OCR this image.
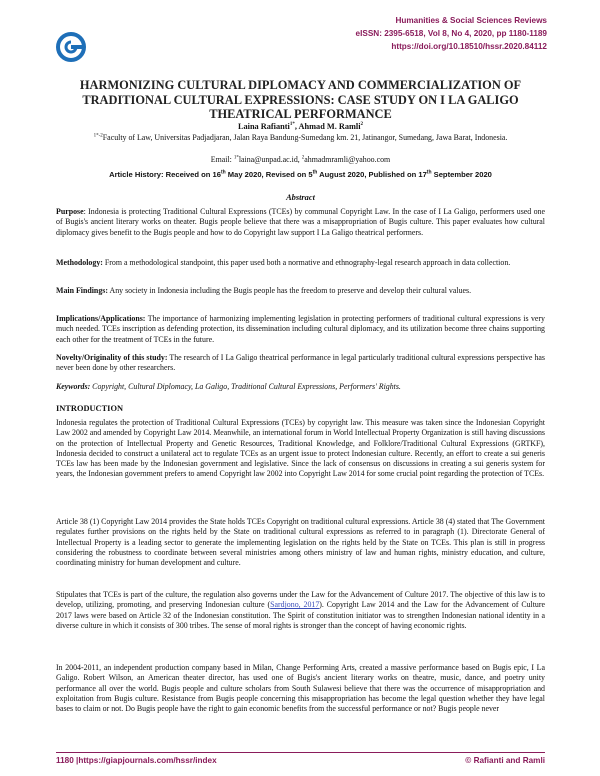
Humanities & Social Sciences Reviews
eISSN: 2395-6518, Vol 8, No 4, 2020, pp 1180-1189
https://doi.org/10.18510/hssr.2020.84112
HARMONIZING CULTURAL DIPLOMACY AND COMMERCIALIZATION OF TRADITIONAL CULTURAL EXPRESSIONS: CASE STUDY ON I LA GALIGO THEATRICAL PERFORMANCE
Laina Rafianti$^{1*}$, Ahmad M. Ramli$^2$
$^{1*-2}$Faculty of Law, Universitas Padjadjaran, Jalan Raya Bandung-Sumedang km. 21, Jatinangor, Sumedang, Jawa Barat, Indonesia.
Email: $^{1*}$laina@unpad.ac.id, $^2$ahmadmramli@yahoo.com
Article History: Received on 16th May 2020, Revised on 5th August 2020, Published on 17th September 2020
Abstract
Purpose: Indonesia is protecting Traditional Cultural Expressions (TCEs) by communal Copyright Law. In the case of I La Galigo, performers used one of Bugis's ancient literary works on theater. Bugis people believe that there was a misappropriation of Bugis culture. This paper evaluates how cultural diplomacy gives benefit to the Bugis people and how to do Copyright law support I La Galigo theatrical performers.
Methodology: From a methodological standpoint, this paper used both a normative and ethnography-legal research approach in data collection.
Main Findings: Any society in Indonesia including the Bugis people has the freedom to preserve and develop their cultural values.
Implications/Applications: The importance of harmonizing implementing legislation in protecting performers of traditional cultural expressions is very much needed. TCEs inscription as defending protection, its dissemination including cultural diplomacy, and its utilization become three chains supporting each other for the treatment of TCEs in the future.
Novelty/Originality of this study: The research of I La Galigo theatrical performance in legal particularly traditional cultural expressions perspective has never been done by other researchers.
Keywords: Copyright, Cultural Diplomacy, La Galigo, Traditional Cultural Expressions, Performers' Rights.
INTRODUCTION
Indonesia regulates the protection of Traditional Cultural Expressions (TCEs) by copyright law. This measure was taken since the Indonesian Copyright Law 2002 and amended by Copyright Law 2014. Meanwhile, an international forum in World Intellectual Property Organization is still having discussions on the protection of Intellectual Property and Genetic Resources, Traditional Knowledge, and Folklore/Traditional Cultural Expressions (GRTKF), Indonesia decided to construct a unilateral act to regulate TCEs as an urgent issue to protect Indonesian culture. Recently, an effort to create a sui generis TCEs law has been made by the Indonesian government and legislative. Since the lack of consensus on discussions in creating a sui generis system for years, the Indonesian government prefers to amend Copyright law 2002 into Copyright Law 2014 for some crucial point regarding the protection of TCEs.
Article 38 (1) Copyright Law 2014 provides the State holds TCEs Copyright on traditional cultural expressions. Article 38 (4) stated that The Government regulates further provisions on the rights held by the State on traditional cultural expressions as referred to in paragraph (1). Directorate General of Intellectual Property is a leading sector to generate the implementing legislation on the rights held by the State on TCEs. This plan is still in progress considering the robustness to coordinate between several ministries among others ministry of law and human rights, ministry education, and culture, coordinating ministry for human development and culture.
Stipulates that TCEs is part of the culture, the regulation also governs under the Law for the Advancement of Culture 2017. The objective of this law is to develop, utilizing, promoting, and preserving Indonesian culture (Sardjono, 2017). Copyright Law 2014 and the Law for the Advancement of Culture 2017 laws were based on Article 32 of the Indonesian constitution. The Spirit of constitution initiator was to strengthen Indonesian national identity in a diverse culture in which it consists of 300 tribes. The sense of moral rights is stronger than the concept of having economic rights.
In 2004-2011, an independent production company based in Milan, Change Performing Arts, created a massive performance based on Bugis epic, I La Galigo. Robert Wilson, an American theater director, has used one of Bugis's ancient literary works on theatre, music, dance, and poetry unity performance all over the world. Bugis people and culture scholars from South Sulawesi believe that there was the occurrence of misappropriation and exploitation from Bugis culture. Resistance from Bugis people concerning this misappropriation has become the legal question whether they have legal bases to claim or not. Do Bugis people have the right to gain economic benefits from the successful performance or not? Bugis people never
1180 |https://giapjournals.com/hssr/index	© Rafianti and Ramli
